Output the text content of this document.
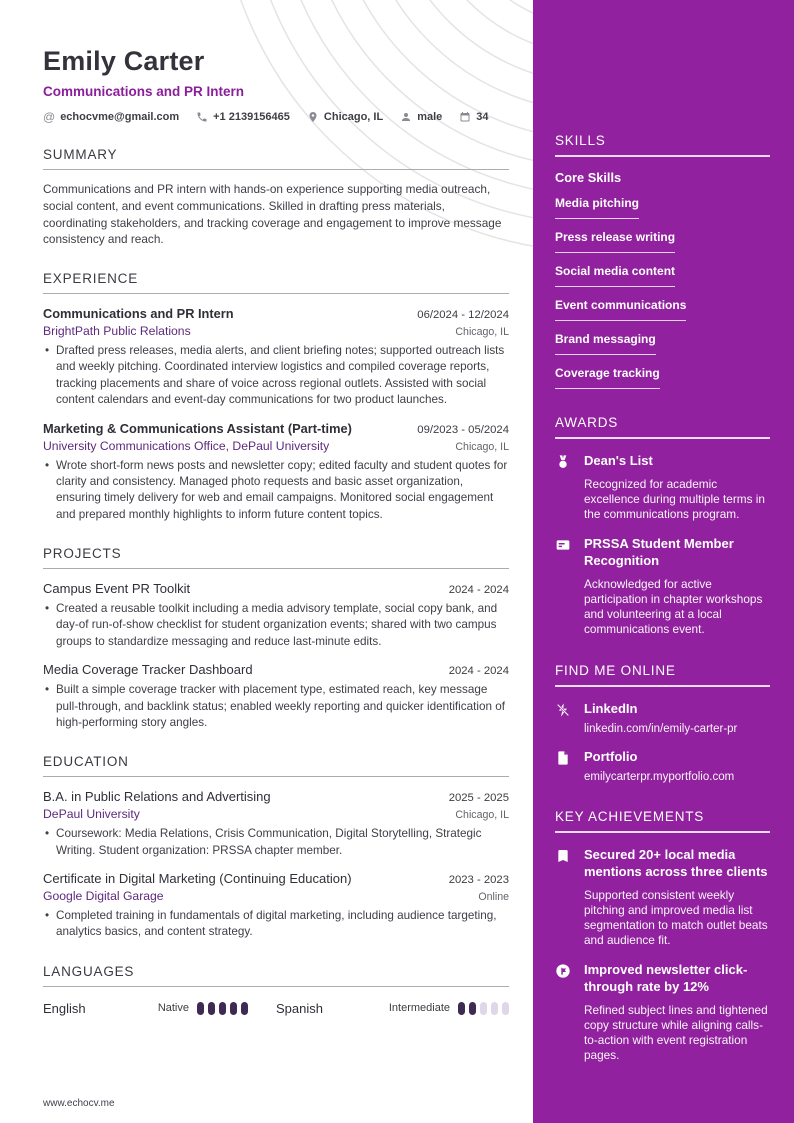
Emily Carter
Communications and PR Intern
@ echocvme@gmail.com	+1 2139156465	Chicago, IL	male	34
SUMMARY
Communications and PR intern with hands-on experience supporting media outreach, social content, and event communications. Skilled in drafting press materials, coordinating stakeholders, and tracking coverage and engagement to improve message consistency and reach.
EXPERIENCE
Communications and PR Intern	06/2024 - 12/2024
BrightPath Public Relations	Chicago, IL
• Drafted press releases, media alerts, and client briefing notes; supported outreach lists and weekly pitching. Coordinated interview logistics and compiled coverage reports, tracking placements and share of voice across regional outlets. Assisted with social content calendars and event-day communications for two product launches.
Marketing & Communications Assistant (Part-time)	09/2023 - 05/2024
University Communications Office, DePaul University	Chicago, IL
• Wrote short-form news posts and newsletter copy; edited faculty and student quotes for clarity and consistency. Managed photo requests and basic asset organization, ensuring timely delivery for web and email campaigns. Monitored social engagement and prepared monthly highlights to inform future content topics.
PROJECTS
Campus Event PR Toolkit	2024 - 2024
• Created a reusable toolkit including a media advisory template, social copy bank, and day-of run-of-show checklist for student organization events; shared with two campus groups to standardize messaging and reduce last-minute edits.
Media Coverage Tracker Dashboard	2024 - 2024
• Built a simple coverage tracker with placement type, estimated reach, key message pull-through, and backlink status; enabled weekly reporting and quicker identification of high-performing story angles.
EDUCATION
B.A. in Public Relations and Advertising	2025 - 2025
DePaul University	Chicago, IL
• Coursework: Media Relations, Crisis Communication, Digital Storytelling, Strategic Writing. Student organization: PRSSA chapter member.
Certificate in Digital Marketing (Continuing Education)	2023 - 2023
Google Digital Garage	Online
• Completed training in fundamentals of digital marketing, including audience targeting, analytics basics, and content strategy.
LANGUAGES
English	Native	Spanish	Intermediate
www.echocv.me
SKILLS
Core Skills
Media pitching
Press release writing
Social media content
Event communications
Brand messaging
Coverage tracking
AWARDS
Dean's List
Recognized for academic excellence during multiple terms in the communications program.
PRSSA Student Member Recognition
Acknowledged for active participation in chapter workshops and volunteering at a local communications event.
FIND ME ONLINE
LinkedIn
linkedin.com/in/emily-carter-pr
Portfolio
emilycarterpr.myportfolio.com
KEY ACHIEVEMENTS
Secured 20+ local media mentions across three clients
Supported consistent weekly pitching and improved media list segmentation to match outlet beats and audience fit.
Improved newsletter click-through rate by 12%
Refined subject lines and tightened copy structure while aligning calls-to-action with event registration pages.
